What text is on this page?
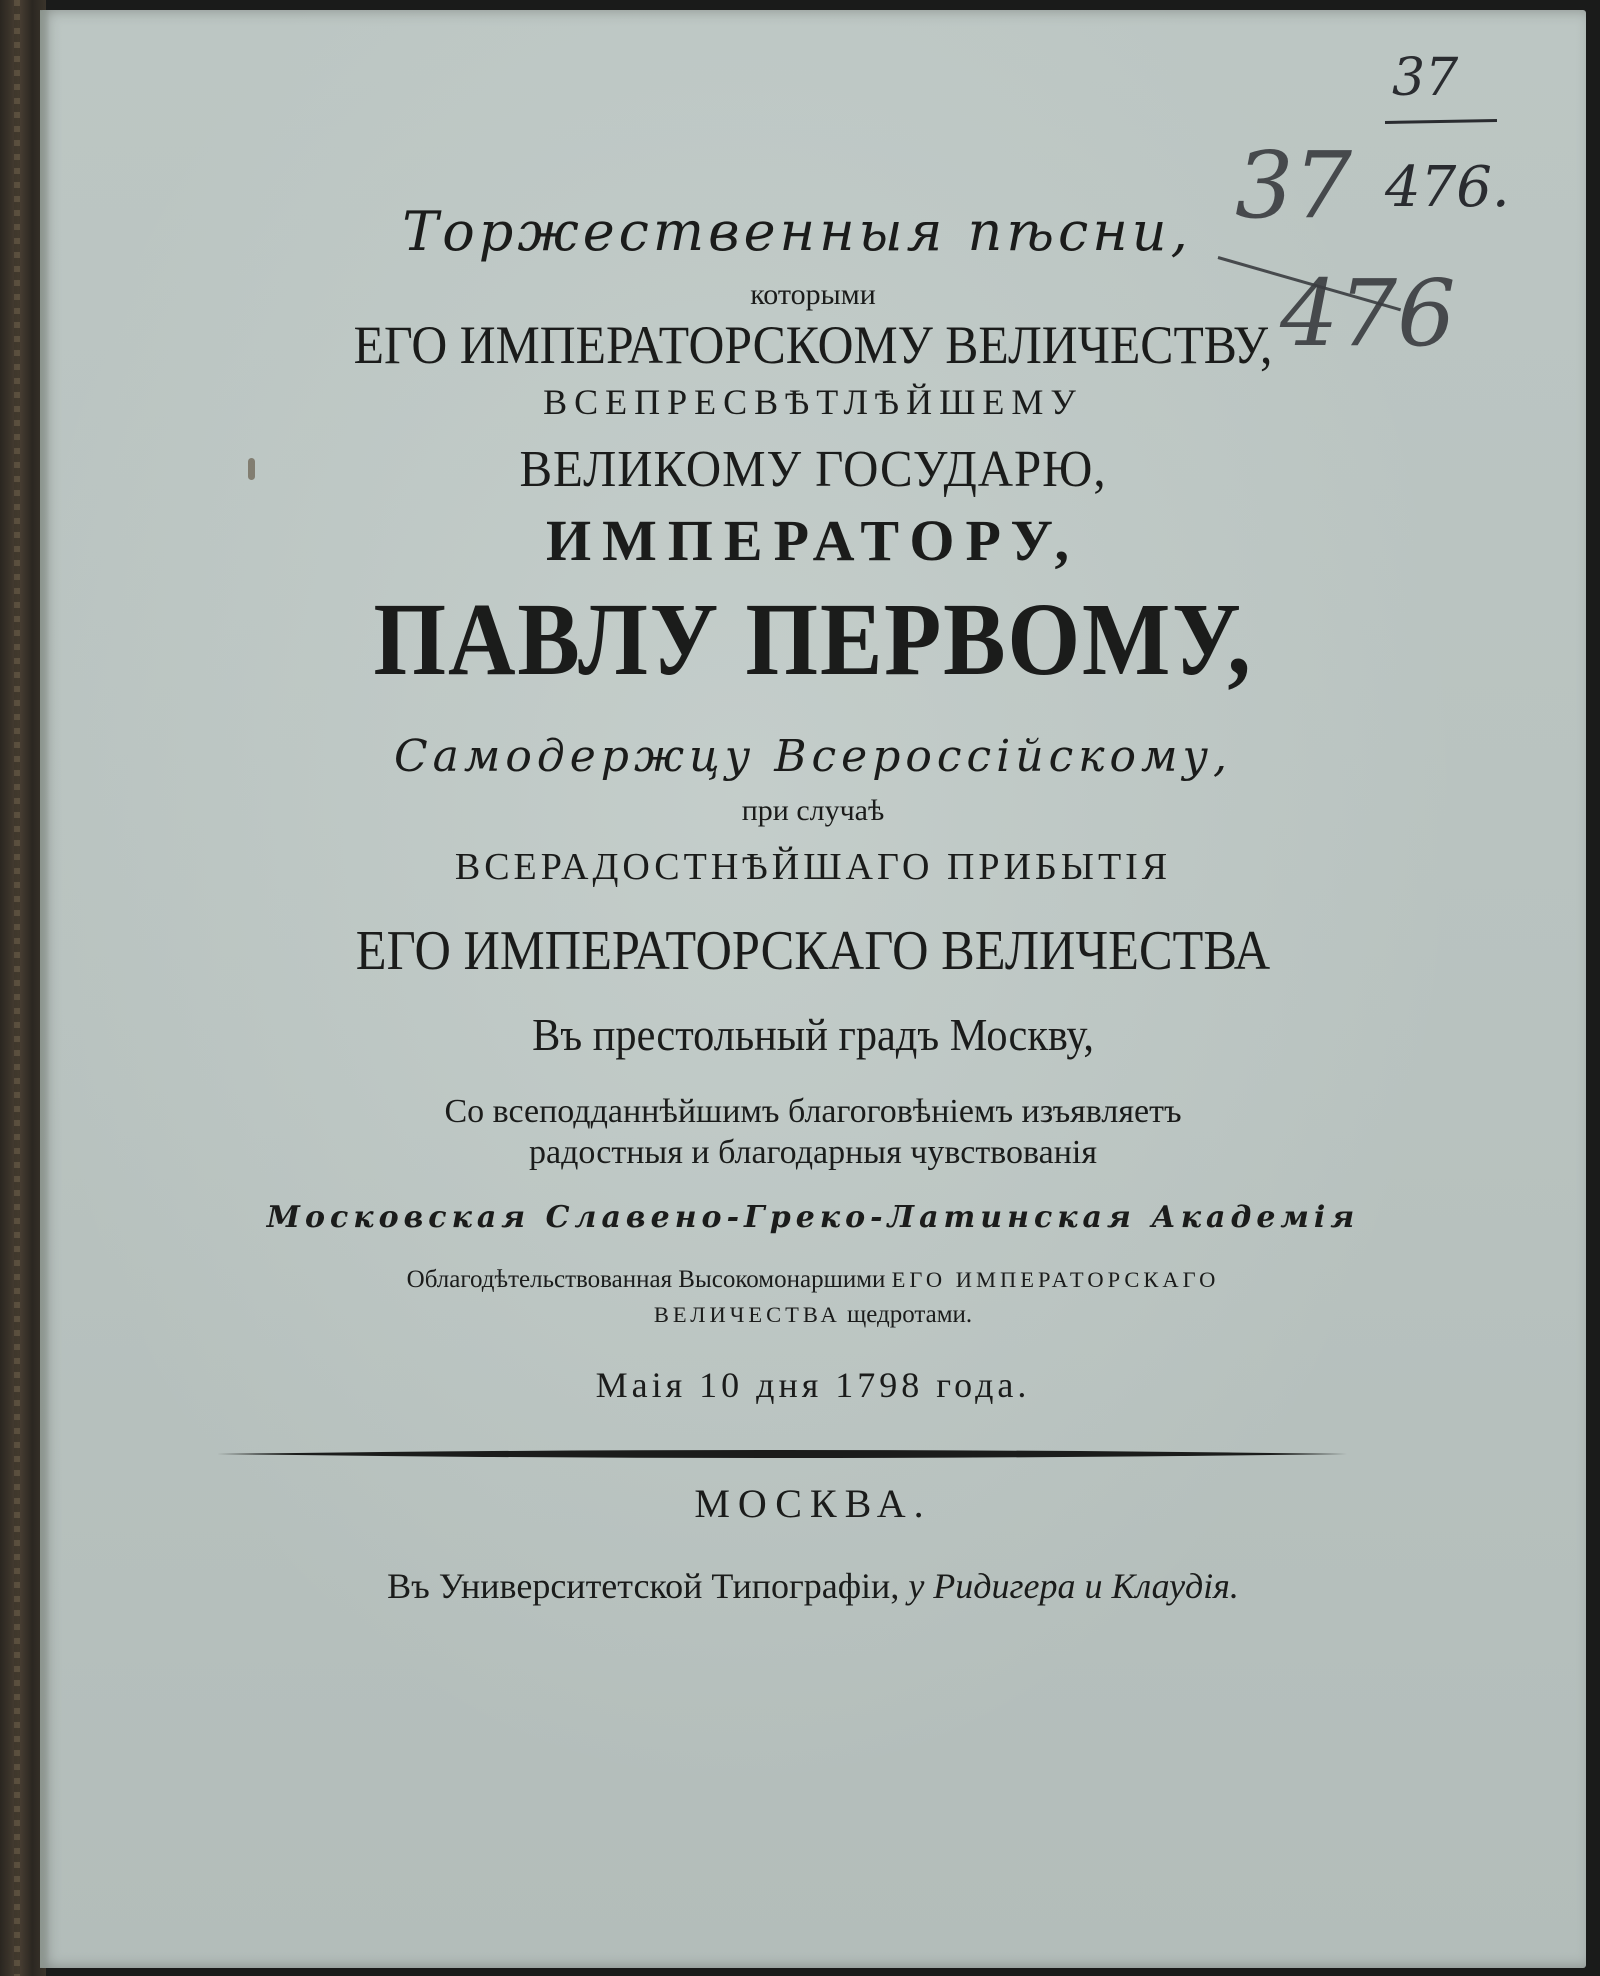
Торжественныя пѣсни,
которыми
ЕГО ИМПЕРАТОРСКОМУ ВЕЛИЧЕСТВУ,
ВСЕПРЕСВѢТЛѢЙШЕМУ
ВЕЛИКОМУ ГОСУДАРЮ,
ИМПЕРАТОРУ,
ПАВЛУ ПЕРВОМУ,
Самодержцу Всероссійскому,
при случаѣ
ВСЕРАДОСТНѢЙШАГО ПРИБЫТІЯ
ЕГО ИМПЕРАТОРСКАГО ВЕЛИЧЕСТВА
Въ престольный градъ Москву,
Со всеподданнѣйшимъ благоговѣніемъ изъявляетъ
радостныя и благодарныя чувствованія
Московская Славено-Греко-Латинская Академія
Облагодѣтельствованная Высокомонаршими ЕГО ИМПЕРАТОРСКАГО
ВЕЛИЧЕСТВА щедротами.
Маія 10 дня 1798 года.
МОСКВА.
Въ Университетской Типографіи, у Ридигера и Клаудія.
37
476.
37
476
